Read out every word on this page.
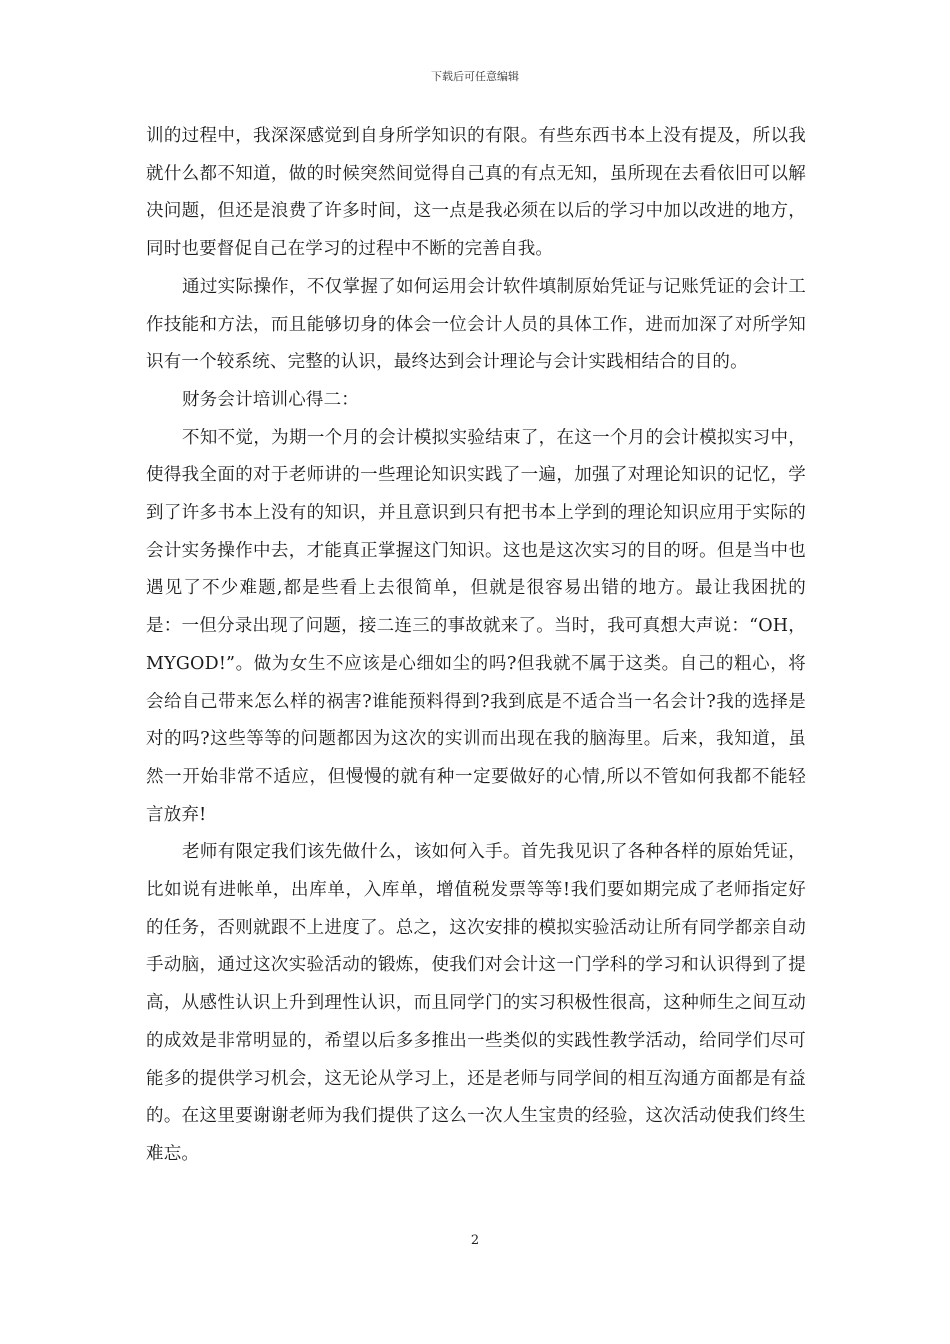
下载后可任意编辑

训的过程中，我深深感觉到自身所学知识的有限。有些东西书本上没有提及，所以我就什么都不知道，做的时候突然间觉得自己真的有点无知，虽所现在去看依旧可以解决问题，但还是浪费了许多时间，这一点是我必须在以后的学习中加以改进的地方，同时也要督促自己在学习的过程中不断的完善自我。

通过实际操作，不仅掌握了如何运用会计软件填制原始凭证与记账凭证的会计工作技能和方法，而且能够切身的体会一位会计人员的具体工作，进而加深了对所学知识有一个较系统、完整的认识，最终达到会计理论与会计实践相结合的目的。

财务会计培训心得二：

不知不觉，为期一个月的会计模拟实验结束了，在这一个月的会计模拟实习中，使得我全面的对于老师讲的一些理论知识实践了一遍，加强了对理论知识的记忆，学到了许多书本上没有的知识，并且意识到只有把书本上学到的理论知识应用于实际的会计实务操作中去，才能真正掌握这门知识。这也是这次实习的目的呀。但是当中也遇见了不少难题,都是些看上去很简单，但就是很容易出错的地方。最让我困扰的是：一但分录出现了问题，接二连三的事故就来了。当时，我可真想大声说：“OH，MYGOD!”。做为女生不应该是心细如尘的吗?但我就不属于这类。自己的粗心，将会给自己带来怎么样的祸害?谁能预料得到?我到底是不适合当一名会计?我的选择是对的吗?这些等等的问题都因为这次的实训而出现在我的脑海里。后来，我知道，虽然一开始非常不适应，但慢慢的就有种一定要做好的心情,所以不管如何我都不能轻言放弃!

老师有限定我们该先做什么，该如何入手。首先我见识了各种各样的原始凭证，比如说有进帐单，出库单，入库单，增值税发票等等!我们要如期完成了老师指定好的任务，否则就跟不上进度了。总之，这次安排的模拟实验活动让所有同学都亲自动手动脑，通过这次实验活动的锻炼，使我们对会计这一门学科的学习和认识得到了提高，从感性认识上升到理性认识，而且同学门的实习积极性很高，这种师生之间互动的成效是非常明显的，希望以后多多推出一些类似的实践性教学活动，给同学们尽可能多的提供学习机会，这无论从学习上，还是老师与同学间的相互沟通方面都是有益的。在这里要谢谢老师为我们提供了这么一次人生宝贵的经验，这次活动使我们终生难忘。

2
